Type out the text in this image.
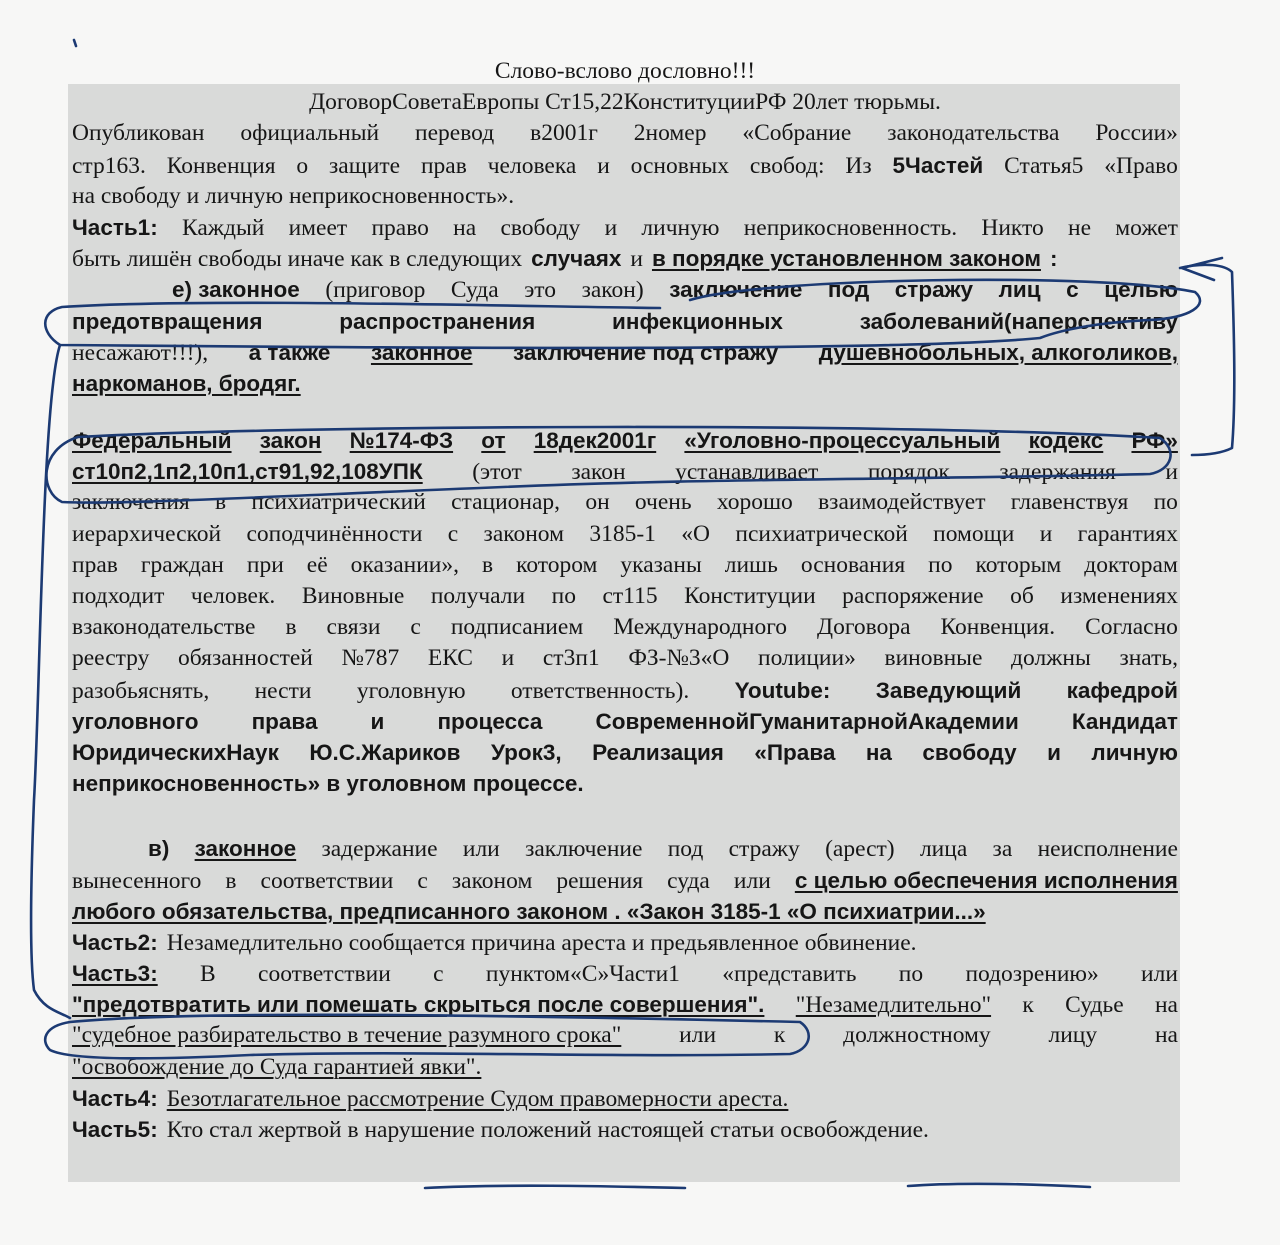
Слово-вслово дословно!!!
ДоговорСоветаЕвропы Ст15,22КонституцииРФ 20лет тюрьмы.
Опубликован официальный перевод в2001г 2номер «Собрание законодательства России»
стр163. Конвенция о защите прав человека и основных свобод: Из 5Частей Статья5 «Право
на свободу и личную неприкосновенность».
Часть1: Каждый имеет право на свободу и личную неприкосновенность. Никто не может
быть лишён свободы иначе как в следующих случаях и в порядке установленном законом :
е) законное (приговор Суда это закон) заключение под стражу лиц с целью
предотвращения	распространения	инфекционных	заболеваний(наперспективу
несажают!!!), а также законное заключение под стражу душевнобольных, алкоголиков,
наркоманов, бродяг.
Федеральный закон №174-ФЗ от 18дек2001г «Уголовно-процессуальный кодекс РФ»
ст10п2,1п2,10п1,ст91,92,108УПК (этот закон устанавливает порядок задержания и
заключения в психиатрический стационар, он очень хорошо взаимодействует главенствуя по
иерархической соподчинённости с законом 3185-1 «О психиатрической помощи и гарантиях
прав граждан при её оказании», в котором указаны лишь основания по которым докторам
подходит человек. Виновные получали по ст115 Конституции распоряжение об изменениях
взаконодательстве в связи с подписанием Международного Договора Конвенция. Согласно
реестру обязанностей №787 ЕКС и ст3п1 ФЗ-№3«О полиции» виновные должны знать,
разобьяснять, нести уголовную ответственность). Youtube: Заведующий кафедрой
уголовного права и процесса СовременнойГуманитарнойАкадемии Кандидат
ЮридическихНаук Ю.С.Жариков Урок3, Реализация «Права на свободу и личную
неприкосновенность» в уголовном процессе.
в) законное задержание или заключение под стражу (арест) лица за неисполнение
вынесенного в соответствии с законом решения суда или с целью обеспечения исполнения
любого обязательства, предписанного законом . «Закон 3185-1 «О психиатрии...»
Часть2: Незамедлительно сообщается причина ареста и предьявленное обвинение.
Часть3: В соответствии с пунктом«С»Части1 «представить по подозрению» или
"предотвратить или помешать скрыться после совершения". "Незамедлительно" к Судье на
"судебное разбирательство в течение разумного срока" или к должностному лицу на
"освобождение до Суда гарантией явки".
Часть4: Безотлагательное рассмотрение Судом правомерности ареста.
Часть5: Кто стал жертвой в нарушение положений настоящей статьи освобождение.
